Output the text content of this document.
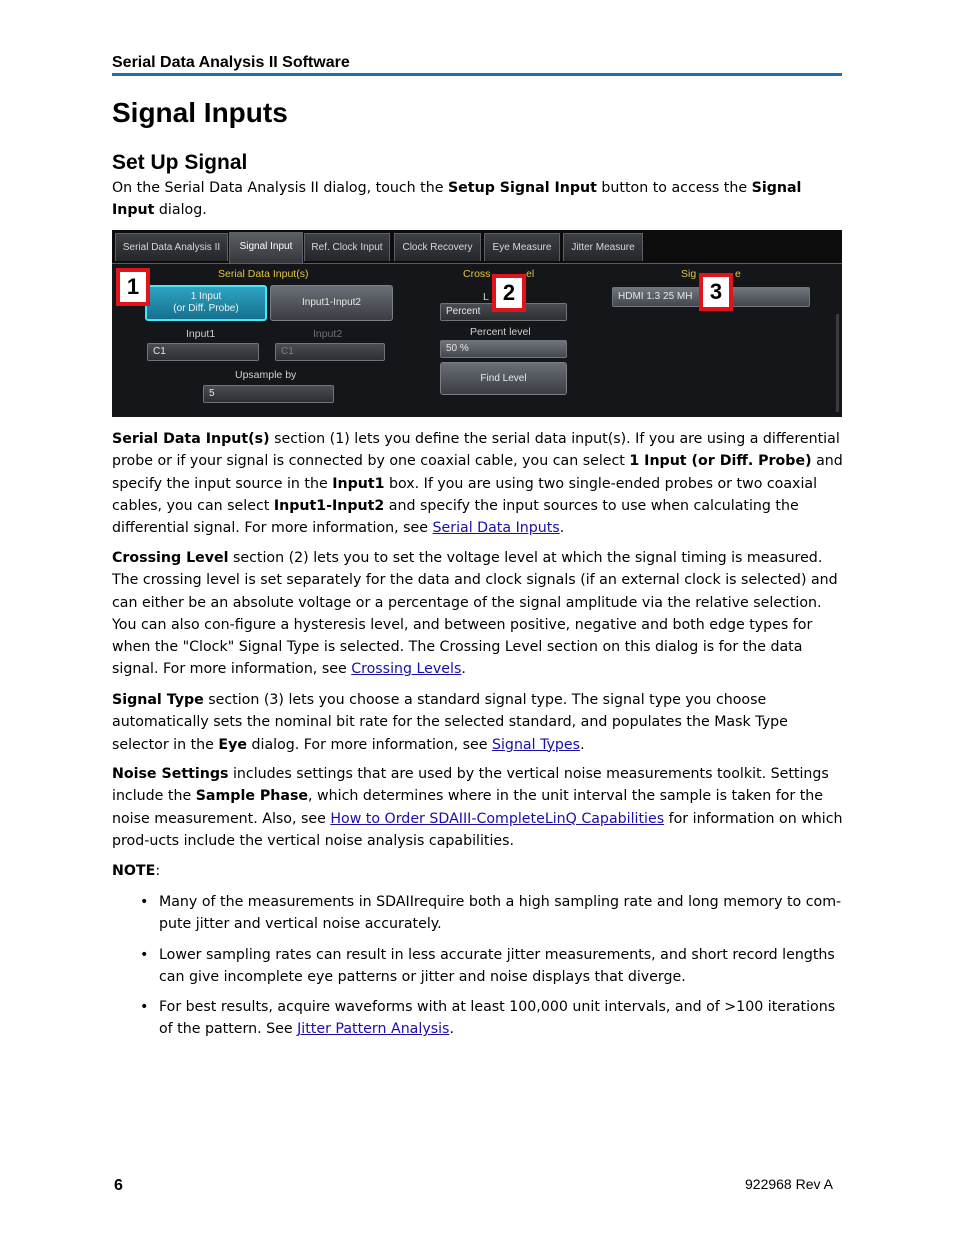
Serial Data Analysis II Software
Signal Inputs
Set Up Signal

On the Serial Data Analysis II dialog, touch the Setup Signal Input button to access the Signal Input dialog.

Serial Data Analysis II	Signal Input	Ref. Clock Input	Clock Recovery	Eye Measure	Jitter Measure
Serial Data Input(s)
1 Input
(or Diff. Probe)
Input1-Input2
Input1	Input2
C1	C1
Upsample by
5
Cross	el
L
Percent
Percent level
50 %
Find Level
Sig	e
HDMI 1.3 25 MH
1	2	3

Serial Data Input(s) section (1) lets you define the serial data input(s). If you are using a differential probe or if your signal is connected by one coaxial cable, you can select 1 Input (or Diff. Probe) and specify the input source in the Input1 box. If you are using two single-ended probes or two coaxial cables, you can select Input1-Input2 and specify the input sources to use when calculating the differential signal. For more information, see Serial Data Inputs.

Crossing Level section (2) lets you to set the voltage level at which the signal timing is measured. The crossing level is set separately for the data and clock signals (if an external clock is selected) and can either be an absolute voltage or a percentage of the signal amplitude via the relative selection. You can also con-figure a hysteresis level, and between positive, negative and both edge types for when the "Clock" Signal Type is selected. The Crossing Level section on this dialog is for the data signal. For more information, see Crossing Levels.

Signal Type section (3) lets you choose a standard signal type. The signal type you choose automatically sets the nominal bit rate for the selected standard, and populates the Mask Type selector in the Eye dialog. For more information, see Signal Types.

Noise Settings includes settings that are used by the vertical noise measurements toolkit. Settings include the Sample Phase, which determines where in the unit interval the sample is taken for the noise measurement. Also, see How to Order SDAIII-CompleteLinQ Capabilities for information on which prod-ucts include the vertical noise analysis capabilities.

NOTE:

• Many of the measurements in SDAIIrequire both a high sampling rate and long memory to com-pute jitter and vertical noise accurately.
• Lower sampling rates can result in less accurate jitter measurements, and short record lengths can give incomplete eye patterns or jitter and noise displays that diverge.
• For best results, acquire waveforms with at least 100,000 unit intervals, and of >100 iterations of the pattern. See Jitter Pattern Analysis.
6	922968 Rev A
